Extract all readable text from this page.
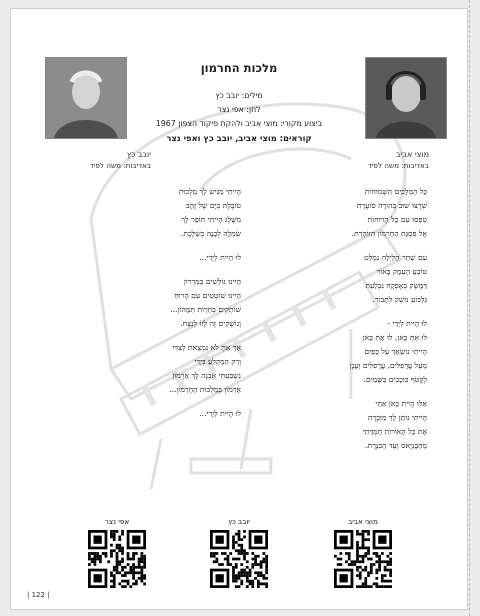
מוצי אביב
באדיבות: משה לפיד
יובב כץ
באדיבות: משה לפיד
מלכות החרמון
מילים: יובב כץ
לחן: אפי נצר
ביצוע מקורי: מוצי אביב ולהקת פיקוד הצפון 1967
קוראים: מוצי אביב, יובב כץ ואפי נצר
כָּל הַמְּלָכִים הַשְּׁמוּחוֹת
שְׁרָצוּ שׁוּב בְּהוֹרָה סוֹעֶרֶת
טִפְּסוּ עִם כָּל הָרוּחוֹת
אֶל פִּסְגַּת הַחֶרְמוֹן הַזּוֹהֶרֶת.
עִם שַׁחַר הַלַּיְלָה נִמְלַט
טוֹבֵעַ הָעֵמֶק בָּאוֹר
דַּמֶּשֶׂק בְּאָפְקָהּ נִבְלַעַת
גַּלְבּוֹעַ נוֹשֵׁק לְתָבוֹר.
לוּ הָיִית לְיָדִי -
לוּ אַתְּ כָּאן, לוּ אַתְּ כָּאן
הָיִיתִי נוֹשֵׂאֵךְ עַל כַּפַּיִם
מֵעַל עֲרָפִלִּים, עֲרָפִלִּים וְעָנָן
לְקָטֹף כּוֹכָבִים בַּשָּׁמַיִם.
אִלּוּ הָיִית כָּאן אִתִּי
הָיִיתִי נוֹתֵן לָךְ מַזְכֶּרֶת
אֶת כָּל הָאוֹרוֹת חֶמְדָּתִי
מֵהַבָּנְיָאס וְעַד הַכִּנֶּרֶת.
הָיִיתִי מַגִּישׁ לָךְ מַלְכוּת
טוֹבֶלֶת בְּיָם שֶׁל זָהָב
מִשֶּׁלֶג הָיִיתִי תּוֹפֵר לָךְ
שִׂמְלָה לְבָנָה כְּשַׁלֶּכֶת.
לוּ הָיִית לְיָדִי...
הָיִינוּ גּוֹלְשִׁים בַּמִּדְרוֹן
הָיִינוּ שׁוֹטְטִים עִם הָרוּחַ
שׁוֹתְקִים בְּחַרְוֹת תִּמָּהוֹן...
וְנוֹשְׁקִים זֶה לָזוֹ לְנֵצַח.
אַךְ אַתְּ לֹא נִמְצֵאת לְצִדִּי
וְרַק הַמַּקְלֵעַ בְּיָדִי
נִשְׁבַּעְתִּי אֶבְנֶה לָךְ אַרְמוֹן
אַרְמוֹן בְּמַלְכוּת הַחֶרְמוֹן...
לוּ הָיִית לְיָדִי...
מוצי אביב
יובב כץ
אפי נצר
| 122 |
